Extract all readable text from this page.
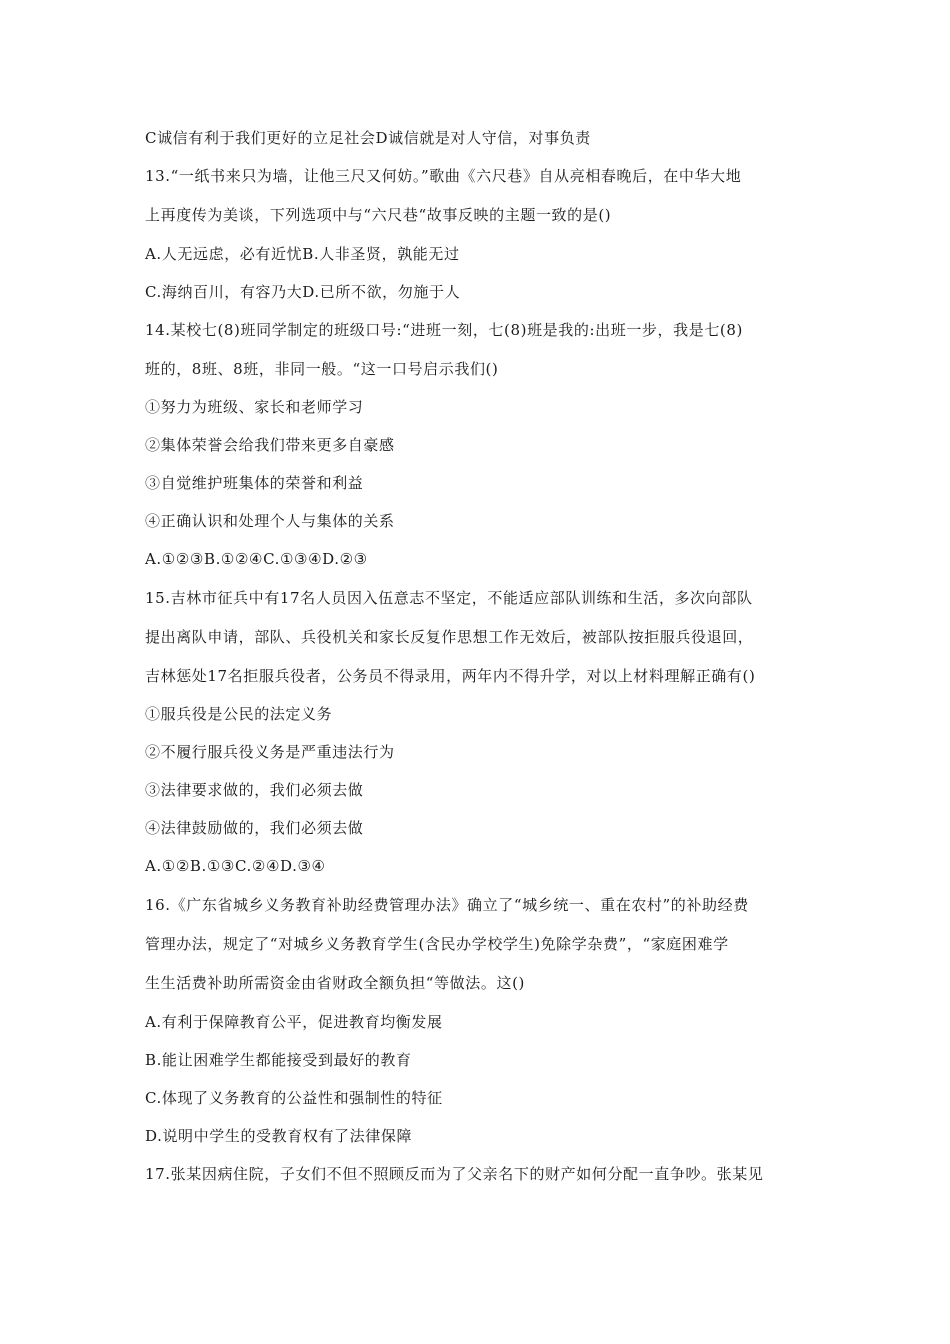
C诚信有利于我们更好的立足社会D诚信就是对人守信，对事负责
13.“一纸书来只为墙，让他三尺又何妨。”歌曲《六尺巷》自从亮相春晚后，在中华大地
上再度传为美谈，下列选项中与“六尺巷“故事反映的主题一致的是()
A.人无远虑，必有近忧B.人非圣贤，孰能无过
C.海纳百川，有容乃大D.已所不欲，勿施于人
14.某校七(8)班同学制定的班级口号:“进班一刻，七(8)班是我的:出班一步，我是七(8)
班的，8班、8班，非同一般。“这一口号启示我们()
①努力为班级、家长和老师学习
②集体荣誉会给我们带来更多自豪感
③自觉维护班集体的荣誉和利益
④正确认识和处理个人与集体的关系
A.①②③B.①②④C.①③④D.②③
15.吉林市征兵中有17名人员因入伍意志不坚定，不能适应部队训练和生活，多次向部队
提出离队申请，部队、兵役机关和家长反复作思想工作无效后，被部队按拒服兵役退回，
吉林惩处17名拒服兵役者，公务员不得录用，两年内不得升学，对以上材料理解正确有()
①服兵役是公民的法定义务
②不履行服兵役义务是严重违法行为
③法律要求做的，我们必须去做
④法律鼓励做的，我们必须去做
A.①②B.①③C.②④D.③④
16.《广东省城乡义务教育补助经费管理办法》确立了“城乡统一、重在农村”的补助经费
管理办法，规定了“对城乡义务教育学生(含民办学校学生)免除学杂费”，“家庭困难学
生生活费补助所需资金由省财政全额负担“等做法。这()
A.有利于保障教育公平，促进教育均衡发展
B.能让困难学生都能接受到最好的教育
C.体现了义务教育的公益性和强制性的特征
D.说明中学生的受教育权有了法律保障
17.张某因病住院，子女们不但不照顾反而为了父亲名下的财产如何分配一直争吵。张某见
